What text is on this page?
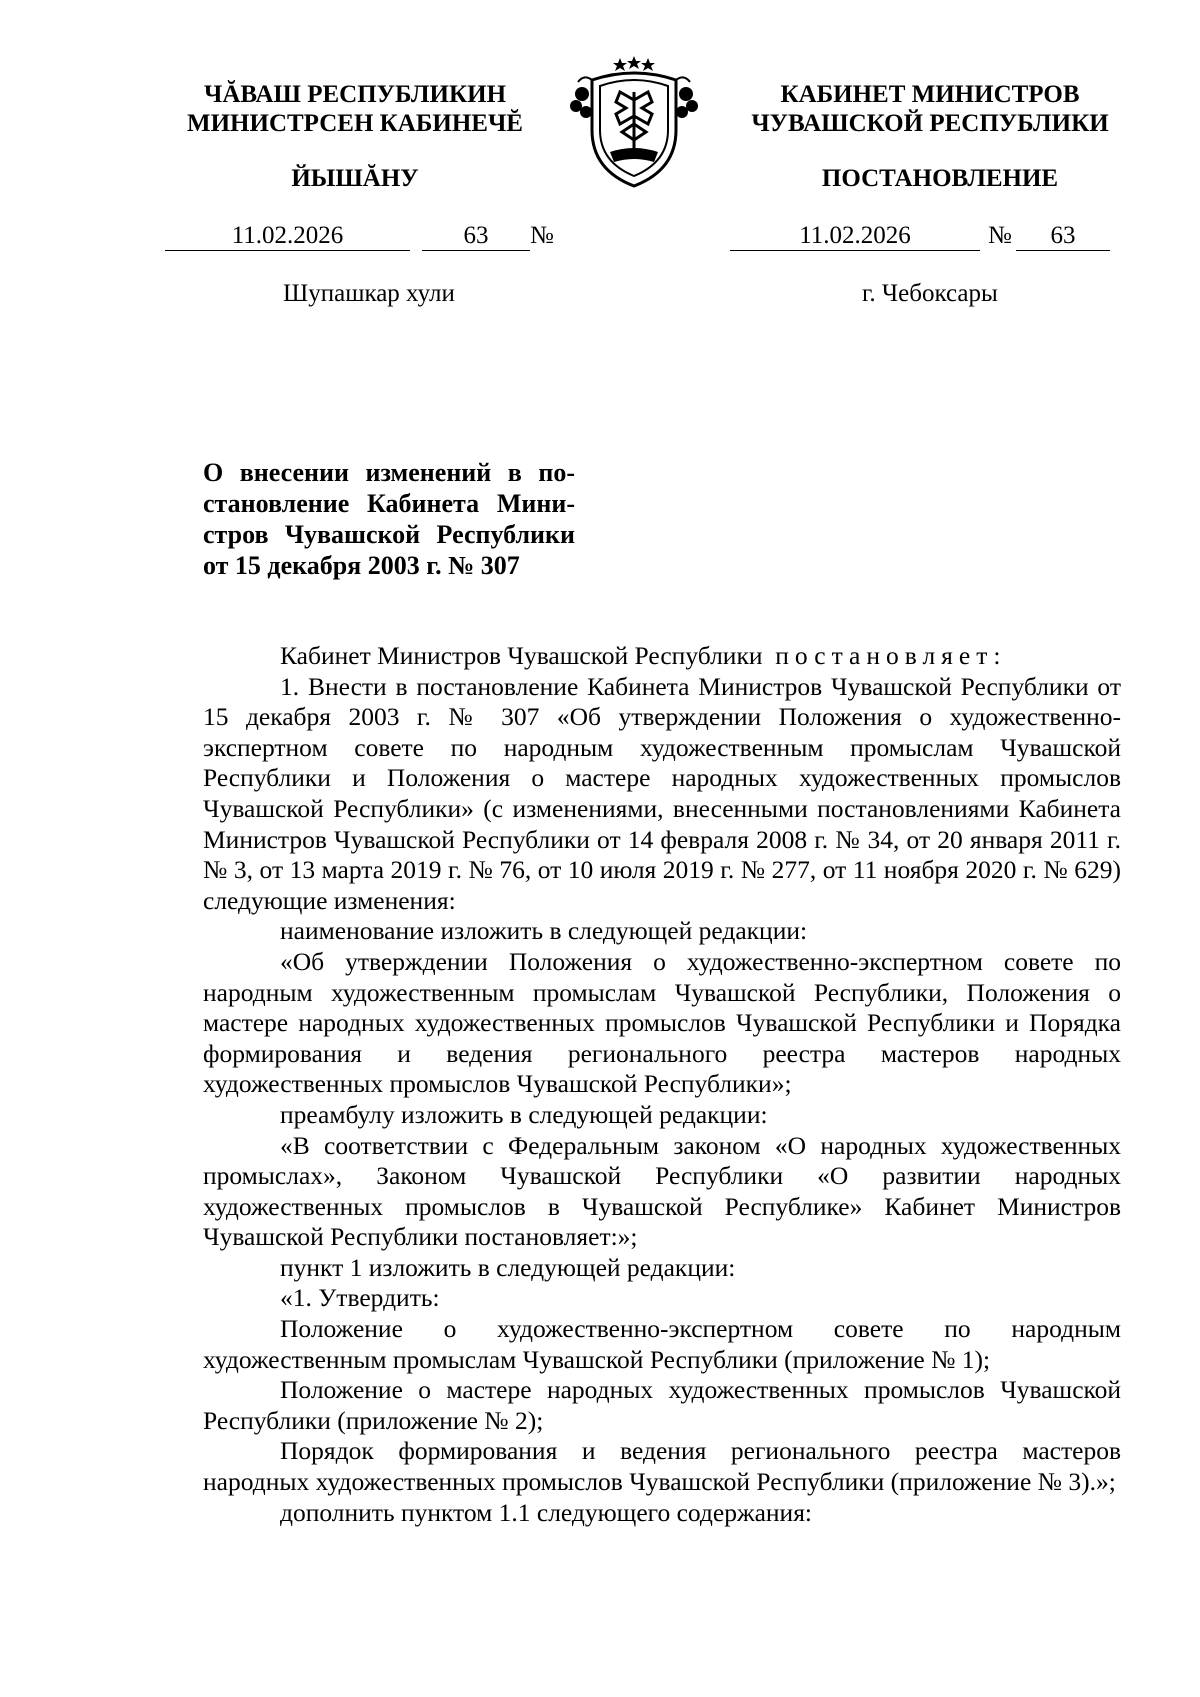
ЧĂВАШ РЕСПУБЛИКИН
МИНИСТРСЕН КАБИНЕЧĔ
ЙЫШĂНУ
КАБИНЕТ МИНИСТРОВ
ЧУВАШСКОЙ РЕСПУБЛИКИ
ПОСТАНОВЛЕНИЕ
11.02.2026	63	№	11.02.2026	№	63
Шупашкар хули	г. Чебоксары
О внесении изменений в по-
становление Кабинета Мини-
стров Чувашской Республики
от 15 декабря 2003 г. № 307

Кабинет Министров Чувашской Республики постановляет:

1. Внести в постановление Кабинета Министров Чувашской Республики от 15 декабря 2003 г. № 307 «Об утверждении Положения о художественно-экспертном совете по народным художественным промыслам Чувашской Республики и Положения о мастере народных художественных промыслов Чувашской Республики» (с изменениями, внесенными постановлениями Кабинета Министров Чувашской Республики от 14 февраля 2008 г. № 34, от 20 января 2011 г. № 3, от 13 марта 2019 г. № 76, от 10 июля 2019 г. № 277, от 11 ноября 2020 г. № 629) следующие изменения:

наименование изложить в следующей редакции:

«Об утверждении Положения о художественно-экспертном совете по народным художественным промыслам Чувашской Республики, Положения о мастере народных художественных промыслов Чувашской Республики и Порядка формирования и ведения регионального реестра мастеров народных художественных промыслов Чувашской Республики»;

преамбулу изложить в следующей редакции:

«В соответствии с Федеральным законом «О народных художественных промыслах», Законом Чувашской Республики «О развитии народных художественных промыслов в Чувашской Республике» Кабинет Министров Чувашской Республики постановляет:»;

пункт 1 изложить в следующей редакции:

«1. Утвердить:

Положение о художественно-экспертном совете по народным художественным промыслам Чувашской Республики (приложение № 1);

Положение о мастере народных художественных промыслов Чувашской Республики (приложение № 2);

Порядок формирования и ведения регионального реестра мастеров народных художественных промыслов Чувашской Республики (приложение № 3).»;

дополнить пунктом 1.1 следующего содержания:
